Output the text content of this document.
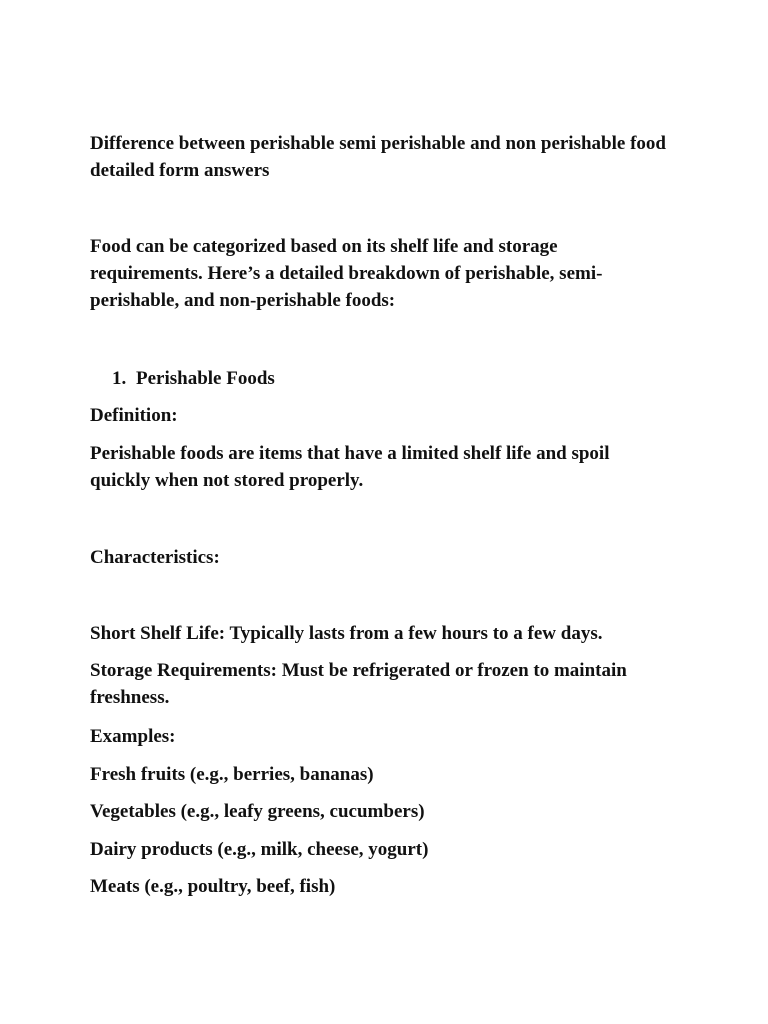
Difference between perishable semi perishable and non perishable food detailed form answers

Food can be categorized based on its shelf life and storage requirements. Here’s a detailed breakdown of perishable, semi-perishable, and non-perishable foods:

1. Perishable Foods

Definition:

Perishable foods are items that have a limited shelf life and spoil quickly when not stored properly.

Characteristics:

Short Shelf Life: Typically lasts from a few hours to a few days.

Storage Requirements: Must be refrigerated or frozen to maintain freshness.

Examples:

Fresh fruits (e.g., berries, bananas)

Vegetables (e.g., leafy greens, cucumbers)

Dairy products (e.g., milk, cheese, yogurt)

Meats (e.g., poultry, beef, fish)
